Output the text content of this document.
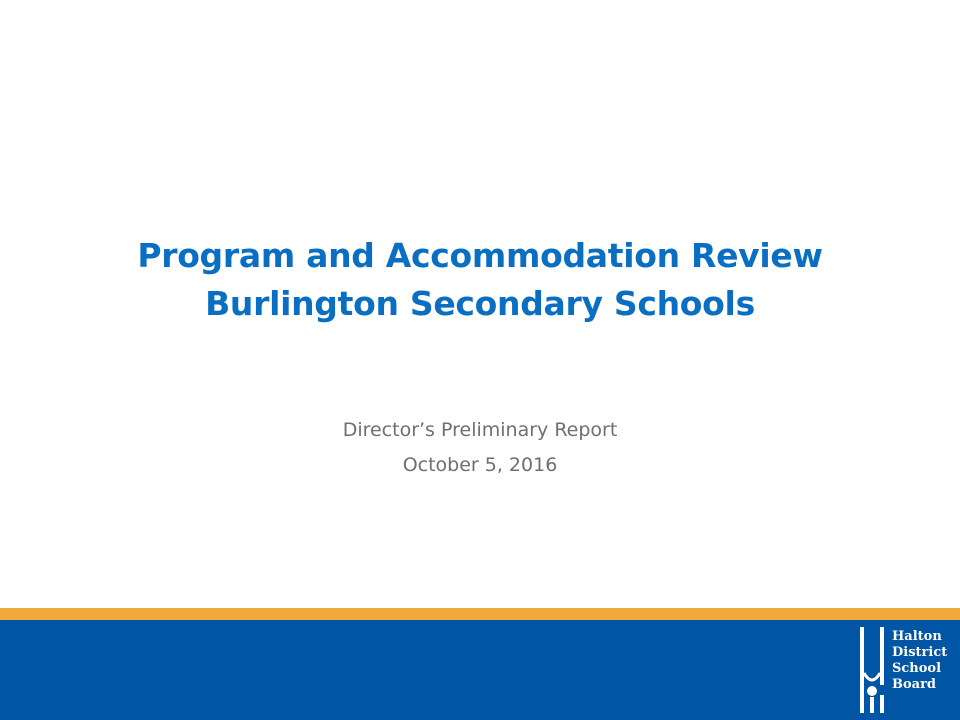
Program and Accommodation Review
Burlington Secondary Schools
Director’s Preliminary Report
October 5, 2016
Halton
District
School
Board
